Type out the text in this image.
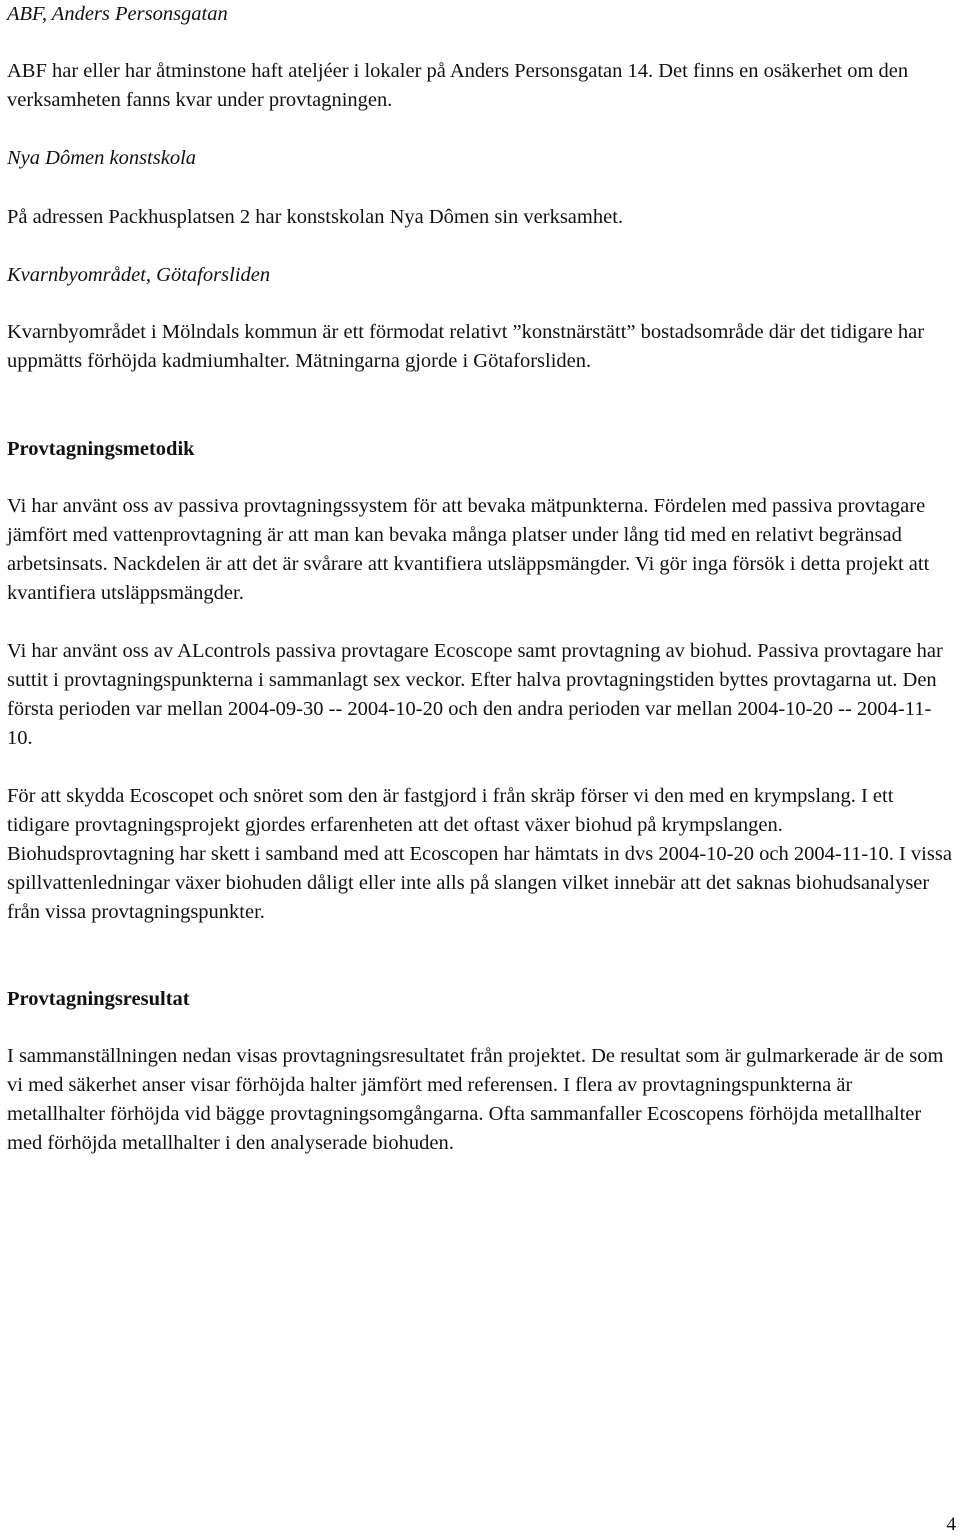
ABF, Anders Personsgatan

ABF har eller har åtminstone haft ateljéer i lokaler på Anders Personsgatan 14. Det finns en osäkerhet om den verksamheten fanns kvar under provtagningen.

Nya Dômen konstskola

På adressen Packhusplatsen 2 har konstskolan Nya Dômen sin verksamhet.

Kvarnbyområdet, Götaforsliden

Kvarnbyområdet i Mölndals kommun är ett förmodat relativt ”konstnärstätt” bostadsområde där det tidigare har uppmätts förhöjda kadmiumhalter. Mätningarna gjorde i Götaforsliden.

Provtagningsmetodik

Vi har använt oss av passiva provtagningssystem för att bevaka mätpunkterna. Fördelen med passiva provtagare jämfört med vattenprovtagning är att man kan bevaka många platser under lång tid med en relativt begränsad arbetsinsats. Nackdelen är att det är svårare att kvantifiera utsläppsmängder. Vi gör inga försök i detta projekt att kvantifiera utsläppsmängder.

Vi har använt oss av ALcontrols passiva provtagare Ecoscope samt provtagning av biohud. Passiva provtagare har suttit i provtagningspunkterna i sammanlagt sex veckor. Efter halva provtagningstiden byttes provtagarna ut. Den första perioden var mellan 2004-09-30 -- 2004-10-20 och den andra perioden var mellan 2004-10-20 -- 2004-11-10.

För att skydda Ecoscopet och snöret som den är fastgjord i från skräp förser vi den med en krympslang. I ett tidigare provtagningsprojekt gjordes erfarenheten att det oftast växer biohud på krympslangen. Biohudsprovtagning har skett i samband med att Ecoscopen har hämtats in dvs 2004-10-20 och 2004-11-10. I vissa spillvattenledningar växer biohuden dåligt eller inte alls på slangen vilket innebär att det saknas biohudsanalyser från vissa provtagningspunkter.

Provtagningsresultat

I sammanställningen nedan visas provtagningsresultatet från projektet. De resultat som är gulmarkerade är de som vi med säkerhet anser visar förhöjda halter jämfört med referensen. I flera av provtagningspunkterna är metallhalter förhöjda vid bägge provtagningsomgångarna. Ofta sammanfaller Ecoscopens förhöjda metallhalter med förhöjda metallhalter i den analyserade biohuden.

4
